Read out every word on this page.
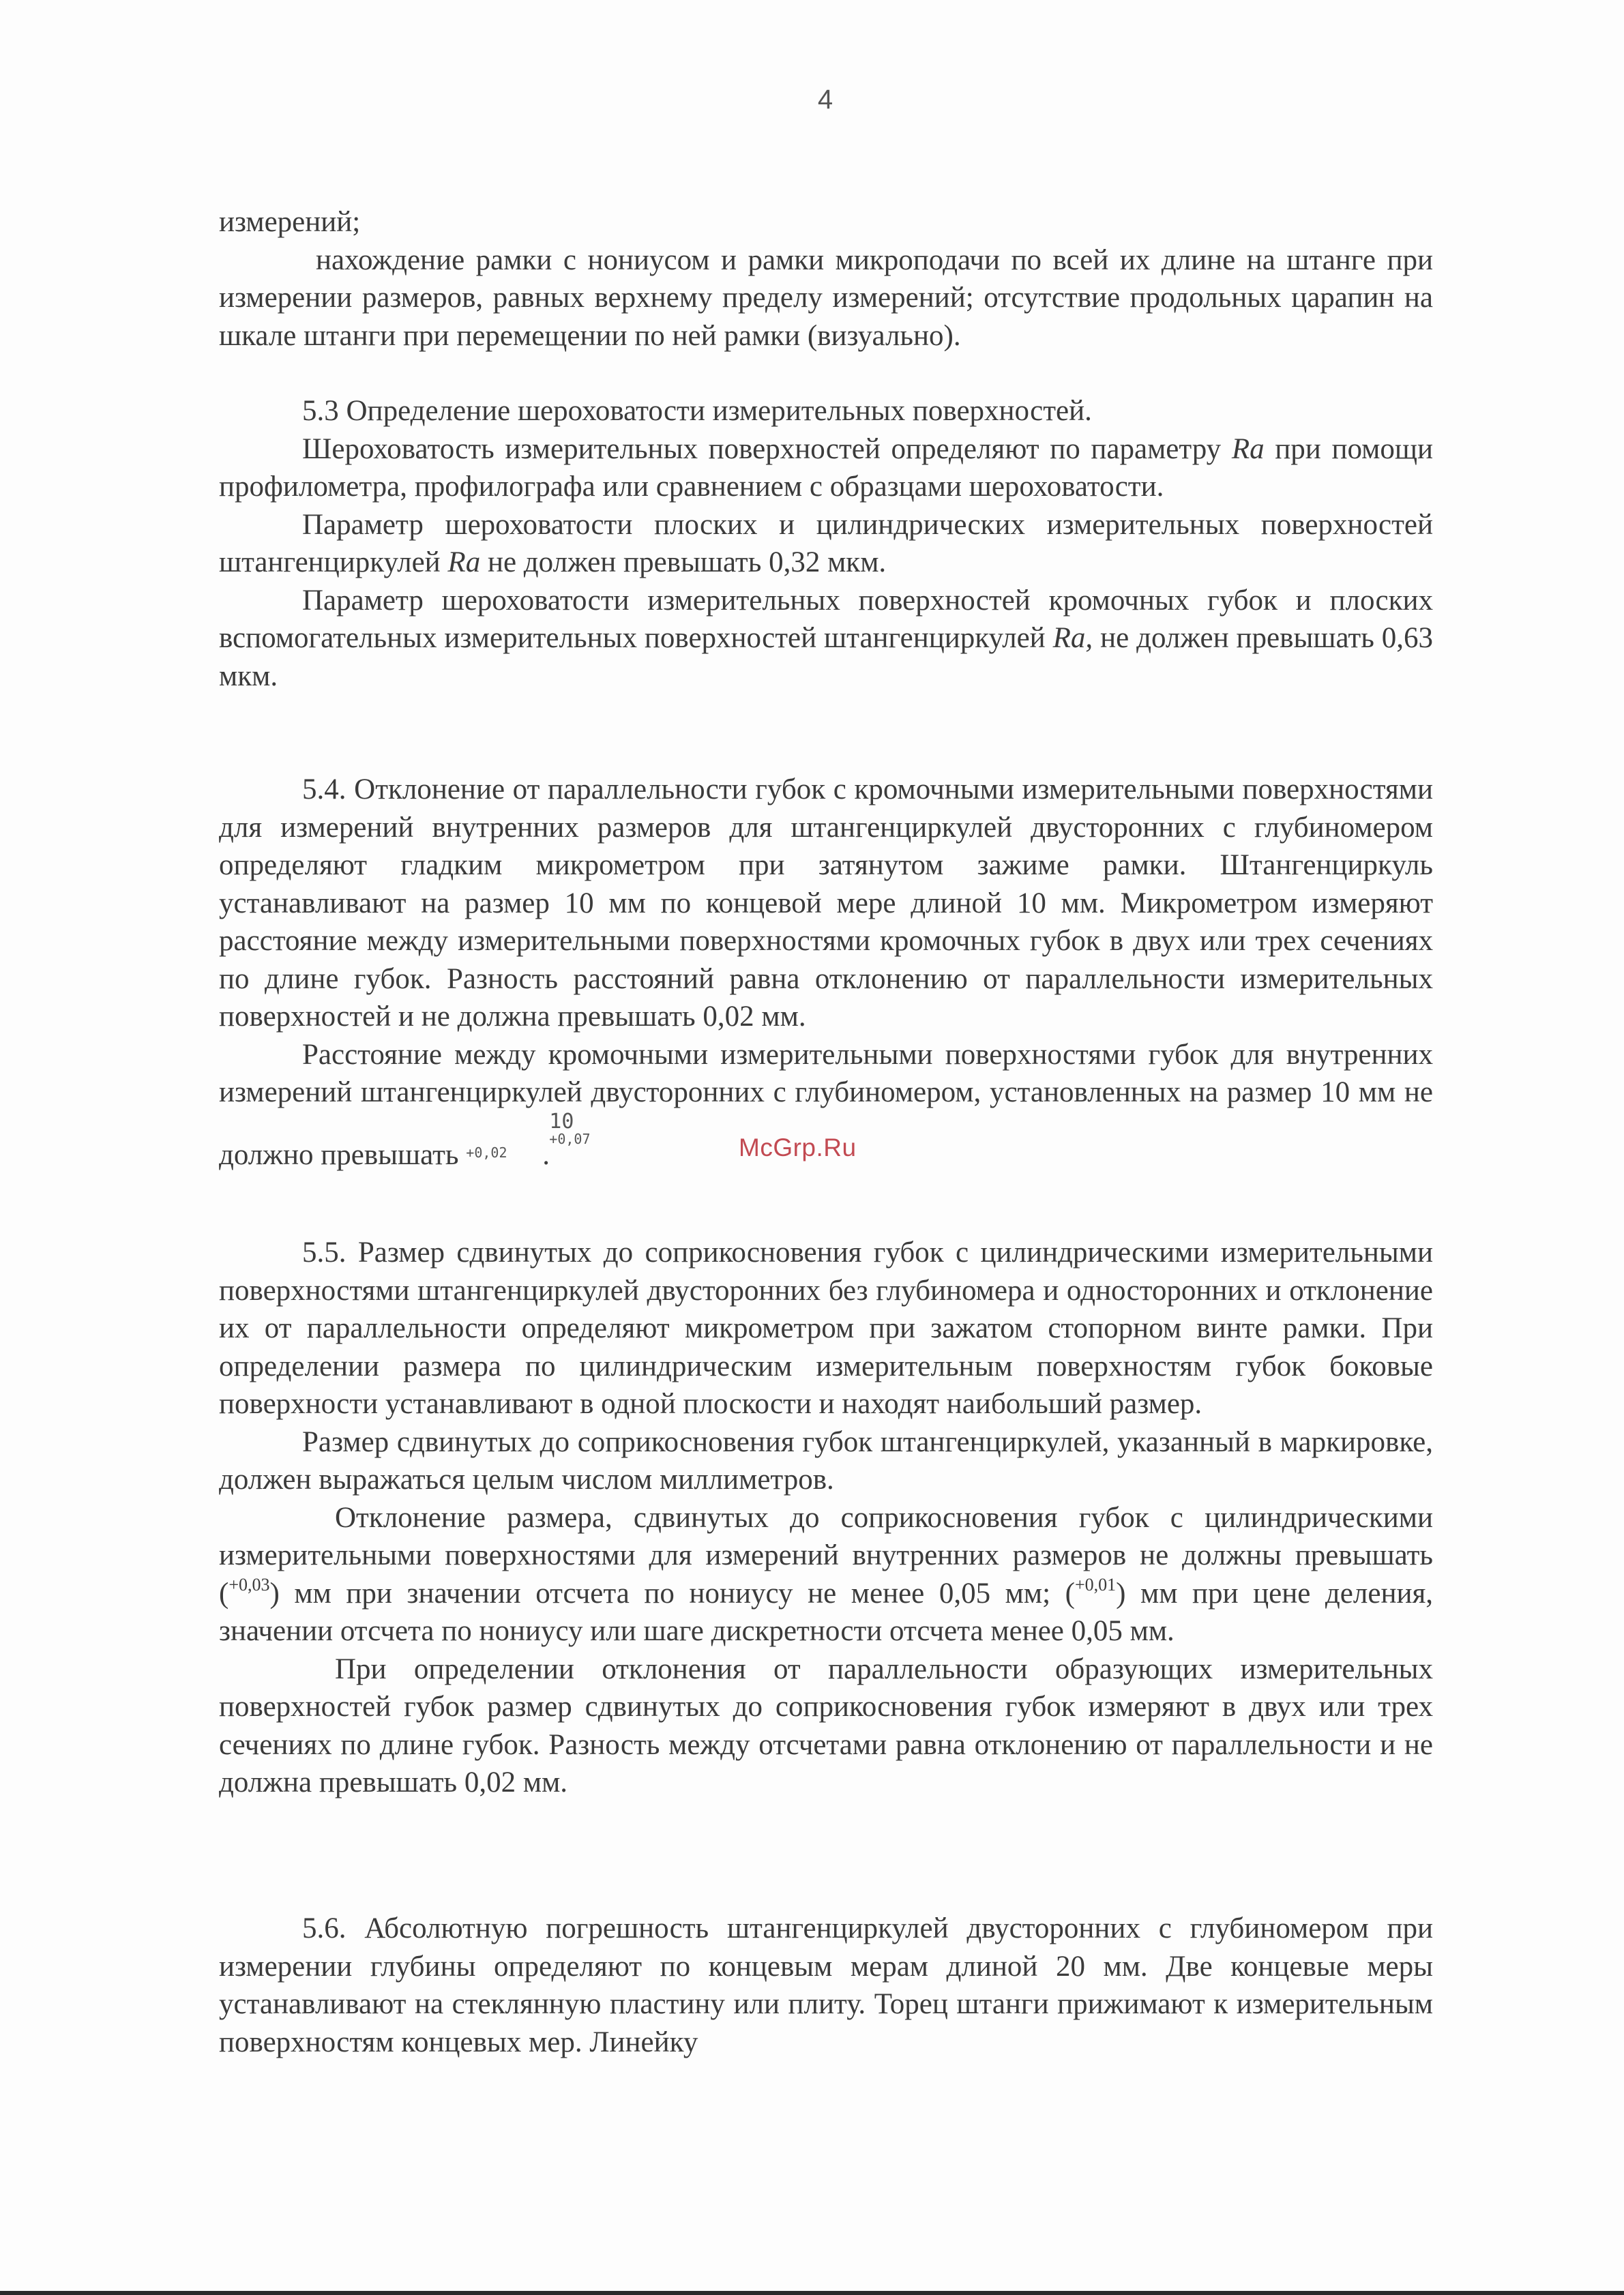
4

измерений;

нахождение рамки с нониусом и рамки микроподачи по всей их длине на штанге при измерении размеров, равных верхнему пределу измерений; отсутствие продольных царапин на шкале штанги при перемещении по ней рамки (визуально).

5.3 Определение шероховатости измерительных поверхностей.

Шероховатость измерительных поверхностей определяют по параметру Ra при помощи профилометра, профилографа или сравнением с образцами шероховатости.

Параметр шероховатости плоских и цилиндрических измерительных поверхностей штангенциркулей Ra не должен превышать 0,32 мкм.

Параметр шероховатости измерительных поверхностей кромочных губок и плоских вспомогательных измерительных поверхностей штангенциркулей Ra, не должен превышать 0,63 мкм.

5.4. Отклонение от параллельности губок с кромочными измерительными поверхностями для измерений внутренних размеров для штангенциркулей двусторонних с глубиномером определяют гладким микрометром при затянутом зажиме рамки. Штангенциркуль устанавливают на размер 10 мм по концевой мере длиной 10 мм. Микрометром измеряют расстояние между измерительными поверхностями кромочных губок в двух или трех сечениях по длине губок. Разность расстояний равна отклонению от параллельности измерительных поверхностей и не должна превышать 0,02 мм.

Расстояние между кромочными измерительными поверхностями губок для внутренних измерений штангенциркулей двусторонних с глубиномером, установленных на размер 10 мм не должно превышать 10+0,07
+0,02 .

5.5. Размер сдвинутых до соприкосновения губок с цилиндрическими измерительными поверхностями штангенциркулей двусторонних без глубиномера и односторонних и отклонение их от параллельности определяют микрометром при зажатом стопорном винте рамки. При определении размера по цилиндрическим измерительным поверхностям губок боковые поверхности устанавливают в одной плоскости и находят наибольший размер.

Размер сдвинутых до соприкосновения губок штангенциркулей, указанный в маркировке, должен выражаться целым числом миллиметров.

Отклонение размера, сдвинутых до соприкосновения губок с цилиндрическими измерительными поверхностями для измерений внутренних размеров не должны превышать ($^{+0,03}$) мм при значении отсчета по нониусу не менее 0,05 мм; ($^{+0,01}$) мм при цене деления, значении отсчета по нониусу или шаге дискретности отсчета менее 0,05 мм.

При определении отклонения от параллельности образующих измерительных поверхностей губок размер сдвинутых до соприкосновения губок измеряют в двух или трех сечениях по длине губок. Разность между отсчетами равна отклонению от параллельности и не должна превышать 0,02 мм.

5.6. Абсолютную погрешность штангенциркулей двусторонних с глубиномером при измерении глубины определяют по концевым мерам длиной 20 мм. Две концевые меры устанавливают на стеклянную пластину или плиту. Торец штанги прижимают к измерительным поверхностям концевых мер. Линейку

McGrp.Ru
